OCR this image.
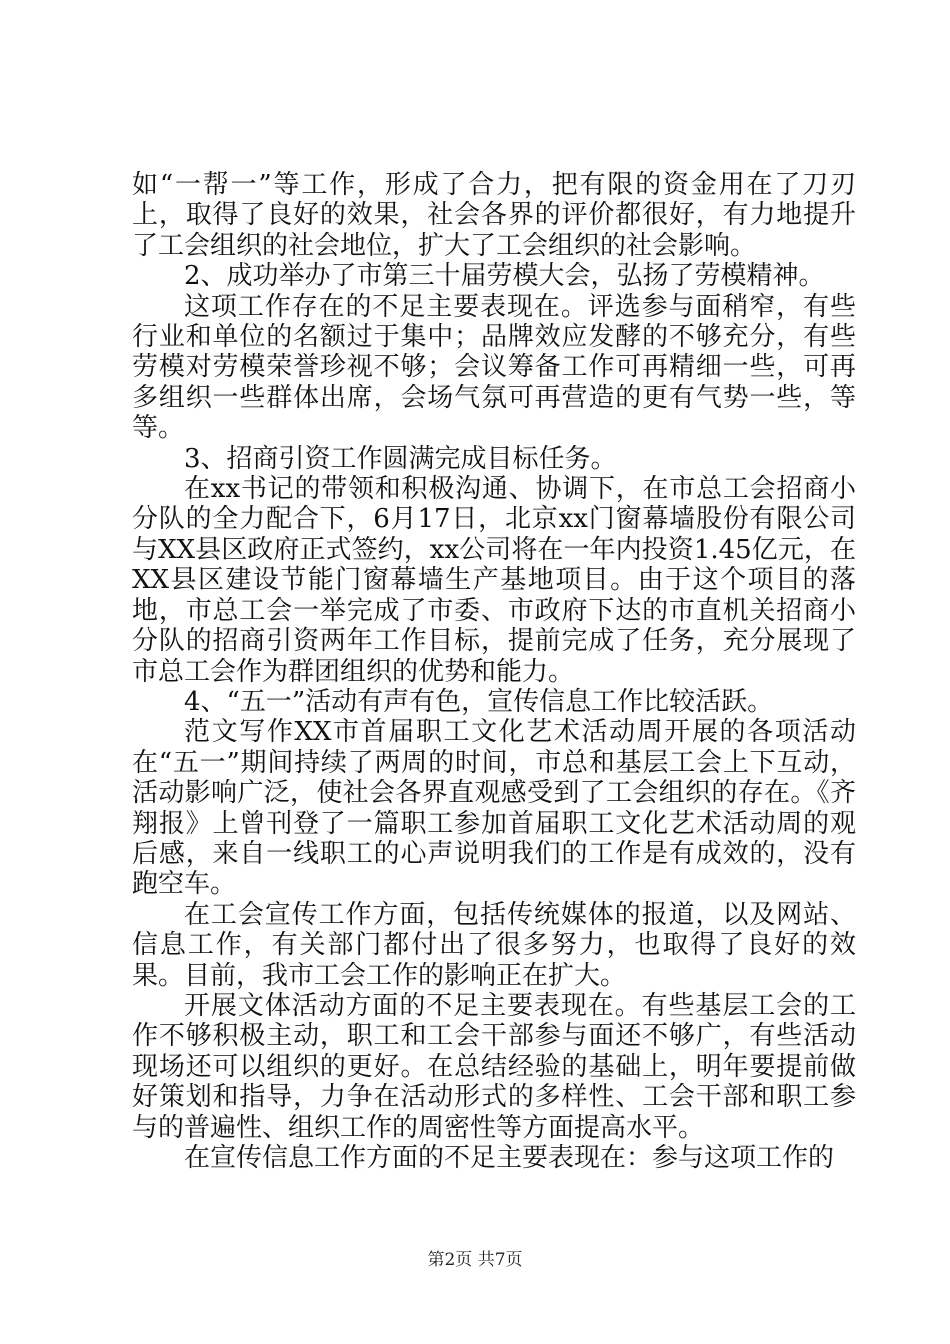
如“一帮一”等工作，形成了合力，把有限的资金用在了刀刃上，取得了良好的效果，社会各界的评价都很好，有力地提升了工会组织的社会地位，扩大了工会组织的社会影响。

2、成功举办了市第三十届劳模大会，弘扬了劳模精神。

这项工作存在的不足主要表现在。评选参与面稍窄，有些行业和单位的名额过于集中；品牌效应发酵的不够充分，有些劳模对劳模荣誉珍视不够；会议筹备工作可再精细一些，可再多组织一些群体出席，会场气氛可再营造的更有气势一些，等等。

3、招商引资工作圆满完成目标任务。

在xx书记的带领和积极沟通、协调下，在市总工会招商小分队的全力配合下，6月17日，北京xx门窗幕墙股份有限公司与XX县区政府正式签约，xx公司将在一年内投资1.45亿元，在XX县区建设节能门窗幕墙生产基地项目。由于这个项目的落地，市总工会一举完成了市委、市政府下达的市直机关招商小分队的招商引资两年工作目标，提前完成了任务，充分展现了市总工会作为群团组织的优势和能力。

4、“五一”活动有声有色，宣传信息工作比较活跃。

范文写作XX市首届职工文化艺术活动周开展的各项活动在“五一”期间持续了两周的时间，市总和基层工会上下互动，活动影响广泛，使社会各界直观感受到了工会组织的存在。《齐翔报》上曾刊登了一篇职工参加首届职工文化艺术活动周的观后感，来自一线职工的心声说明我们的工作是有成效的，没有跑空车。

在工会宣传工作方面，包括传统媒体的报道，以及网站、信息工作，有关部门都付出了很多努力，也取得了良好的效果。目前，我市工会工作的影响正在扩大。

开展文体活动方面的不足主要表现在。有些基层工会的工作不够积极主动，职工和工会干部参与面还不够广，有些活动现场还可以组织的更好。在总结经验的基础上，明年要提前做好策划和指导，力争在活动形式的多样性、工会干部和职工参与的普遍性、组织工作的周密性等方面提高水平。

在宣传信息工作方面的不足主要表现在：参与这项工作的

第2页 共7页
